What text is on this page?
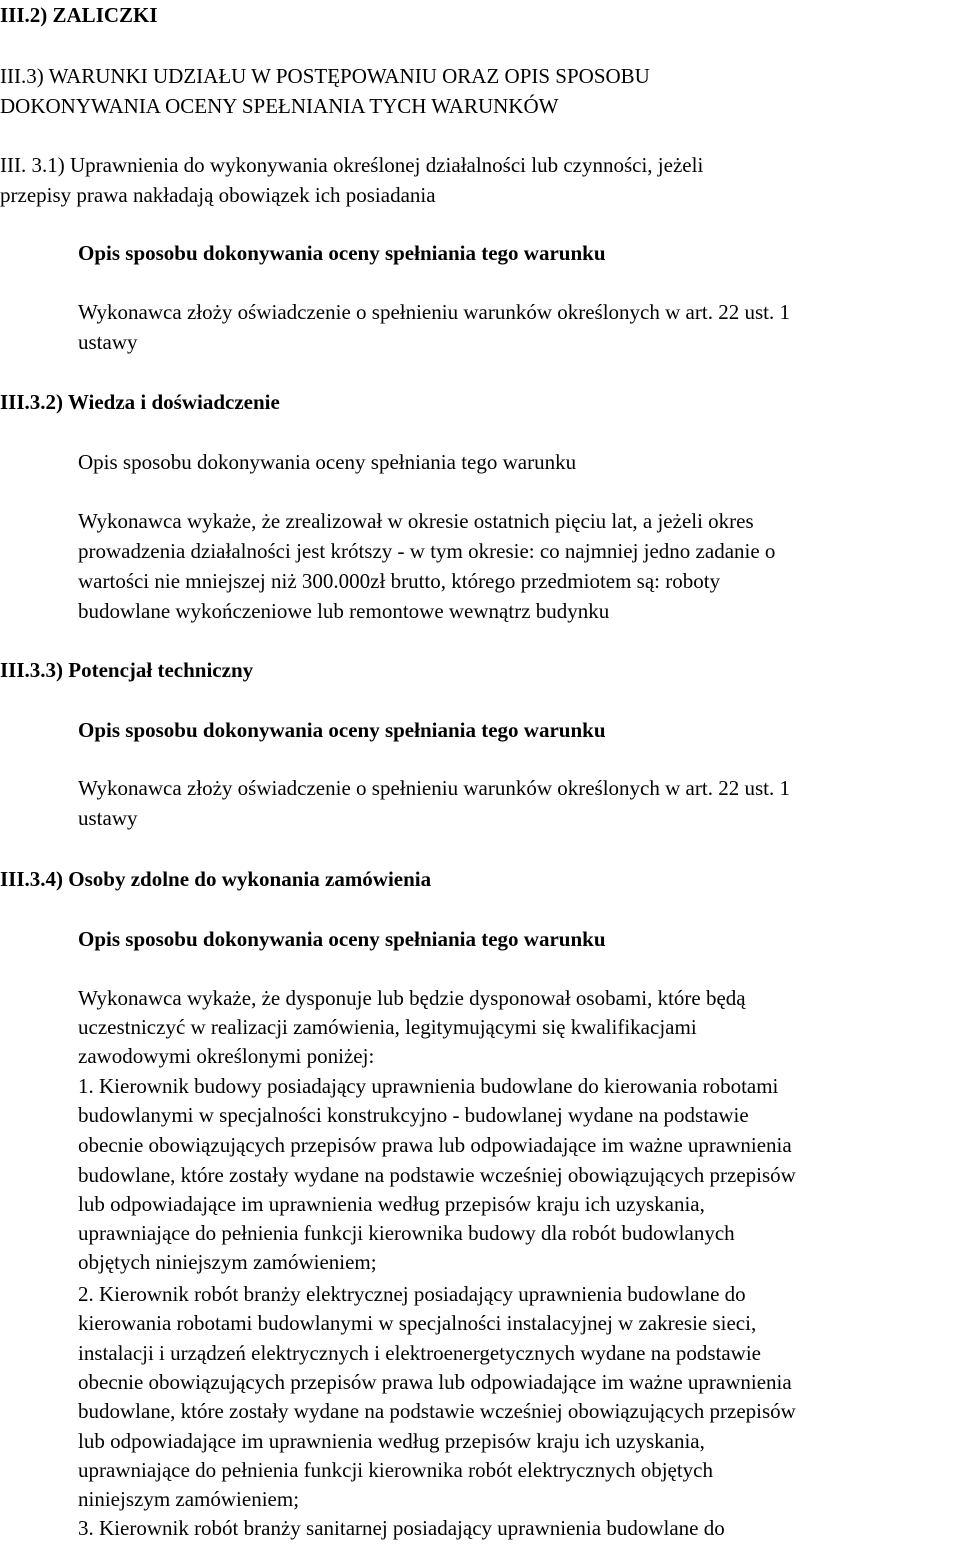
III.2) ZALICZKI
III.3) WARUNKI UDZIAŁU W POSTĘPOWANIU ORAZ OPIS SPOSOBU
DOKONYWANIA OCENY SPEŁNIANIA TYCH WARUNKÓW
III. 3.1) Uprawnienia do wykonywania określonej działalności lub czynności, jeżeli
przepisy prawa nakładają obowiązek ich posiadania
Opis sposobu dokonywania oceny spełniania tego warunku
Wykonawca złoży oświadczenie o spełnieniu warunków określonych w art. 22 ust. 1
ustawy
III.3.2) Wiedza i doświadczenie
Opis sposobu dokonywania oceny spełniania tego warunku
Wykonawca wykaże, że zrealizował w okresie ostatnich pięciu lat, a jeżeli okres
prowadzenia działalności jest krótszy - w tym okresie: co najmniej jedno zadanie o
wartości nie mniejszej niż 300.000zł brutto, którego przedmiotem są: roboty
budowlane wykończeniowe lub remontowe wewnątrz budynku
III.3.3) Potencjał techniczny
Opis sposobu dokonywania oceny spełniania tego warunku
Wykonawca złoży oświadczenie o spełnieniu warunków określonych w art. 22 ust. 1
ustawy
III.3.4) Osoby zdolne do wykonania zamówienia
Opis sposobu dokonywania oceny spełniania tego warunku
Wykonawca wykaże, że dysponuje lub będzie dysponował osobami, które będą
uczestniczyć w realizacji zamówienia, legitymującymi się kwalifikacjami
zawodowymi określonymi poniżej:
1. Kierownik budowy posiadający uprawnienia budowlane do kierowania robotami
budowlanymi w specjalności konstrukcyjno - budowlanej wydane na podstawie
obecnie obowiązujących przepisów prawa lub odpowiadające im ważne uprawnienia
budowlane, które zostały wydane na podstawie wcześniej obowiązujących przepisów
lub odpowiadające im uprawnienia według przepisów kraju ich uzyskania,
uprawniające do pełnienia funkcji kierownika budowy dla robót budowlanych
objętych niniejszym zamówieniem;
2. Kierownik robót branży elektrycznej posiadający uprawnienia budowlane do
kierowania robotami budowlanymi w specjalności instalacyjnej w zakresie sieci,
instalacji i urządzeń elektrycznych i elektroenergetycznych wydane na podstawie
obecnie obowiązujących przepisów prawa lub odpowiadające im ważne uprawnienia
budowlane, które zostały wydane na podstawie wcześniej obowiązujących przepisów
lub odpowiadające im uprawnienia według przepisów kraju ich uzyskania,
uprawniające do pełnienia funkcji kierownika robót elektrycznych objętych
niniejszym zamówieniem;
3. Kierownik robót branży sanitarnej posiadający uprawnienia budowlane do
